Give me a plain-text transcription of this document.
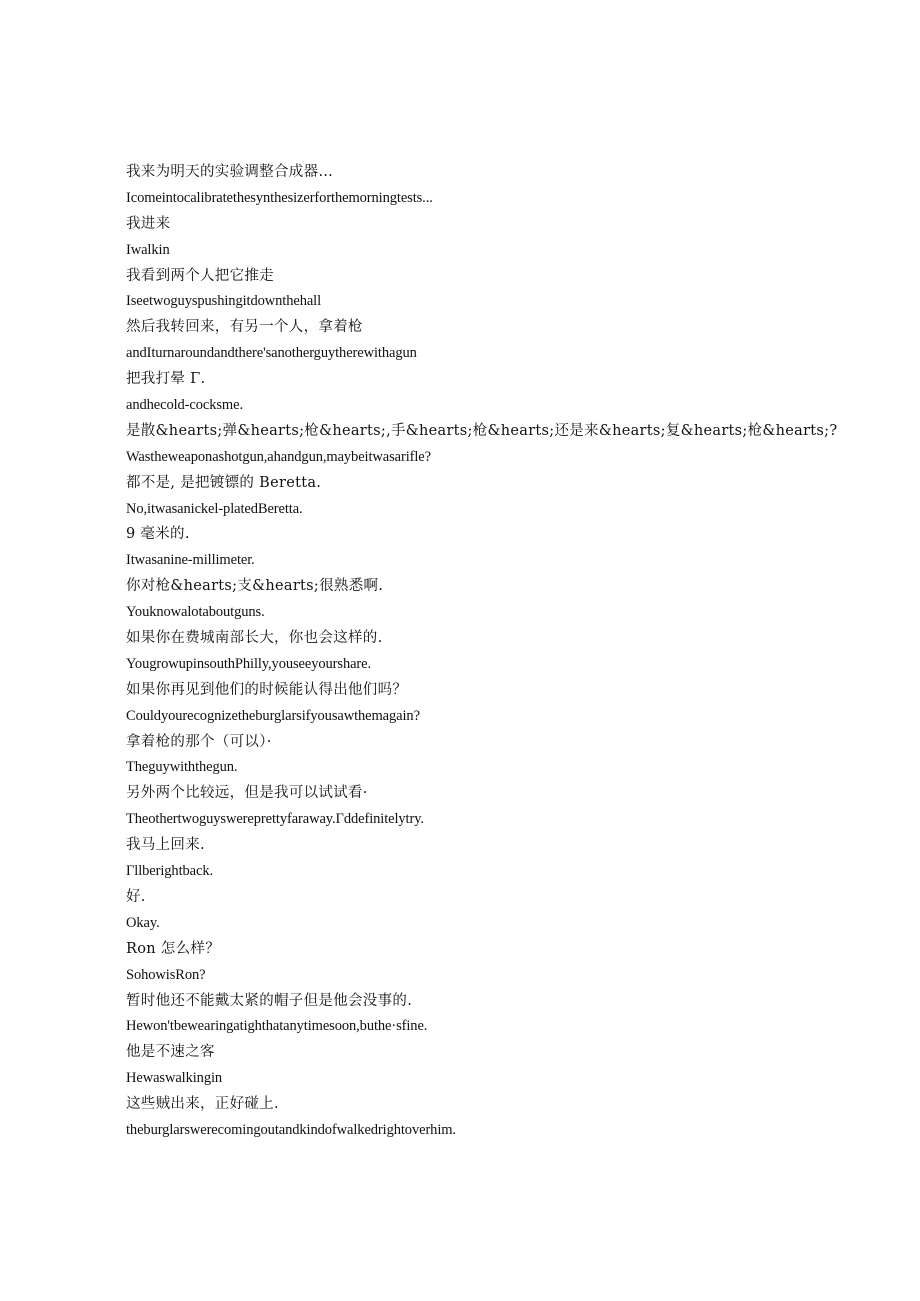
我来为明天的实验调整合成器…
Icomeintocalibratethesynthesizerforthemorningtests...
我进来
Iwalkin
我看到两个人把它推走
Iseetwoguyspushingitdownthehall
然后我转回来，有另一个人，拿着枪
andIturnaroundandthere'sanotherguytherewithagun
把我打晕 Γ.
andhecold-cocksme.
是散&hearts;弹&hearts;枪&hearts;,手&hearts;枪&hearts;还是来&hearts;复&hearts;枪&hearts;?
Wastheweaponashotgun,ahandgun,maybeitwasarifle?
都不是, 是把镀镖的 Beretta.
No,itwasanickel-platedBeretta.
9 毫米的.
Itwasanine-millimeter.
你对枪&hearts;支&hearts;很熟悉啊.
Youknowalotaboutguns.
如果你在费城南部长大，你也会这样的.
YougrowupinsouthPhilly,youseeyourshare.
如果你再见到他们的时候能认得出他们吗？
Couldyourecognizetheburglarsifyousawthemagain?
拿着枪的那个（可以）·
Theguywiththegun.
另外两个比较远，但是我可以试试看·
Theothertwoguyswereprettyfaraway.Γddefinitelytry.
我马上回来.
Γllberightback.
好.
Okay.
Ron 怎么样？
SohowisRon?
暂时他还不能戴太紧的帽子但是他会没事的.
Hewon'tbewearingatighthatanytimesoon,buthe·sfine.
他是不速之客
Hewaswalkingin
这些贼出来，正好碰上.
theburglarswerecomingoutandkindofwalkedrightoverhim.
